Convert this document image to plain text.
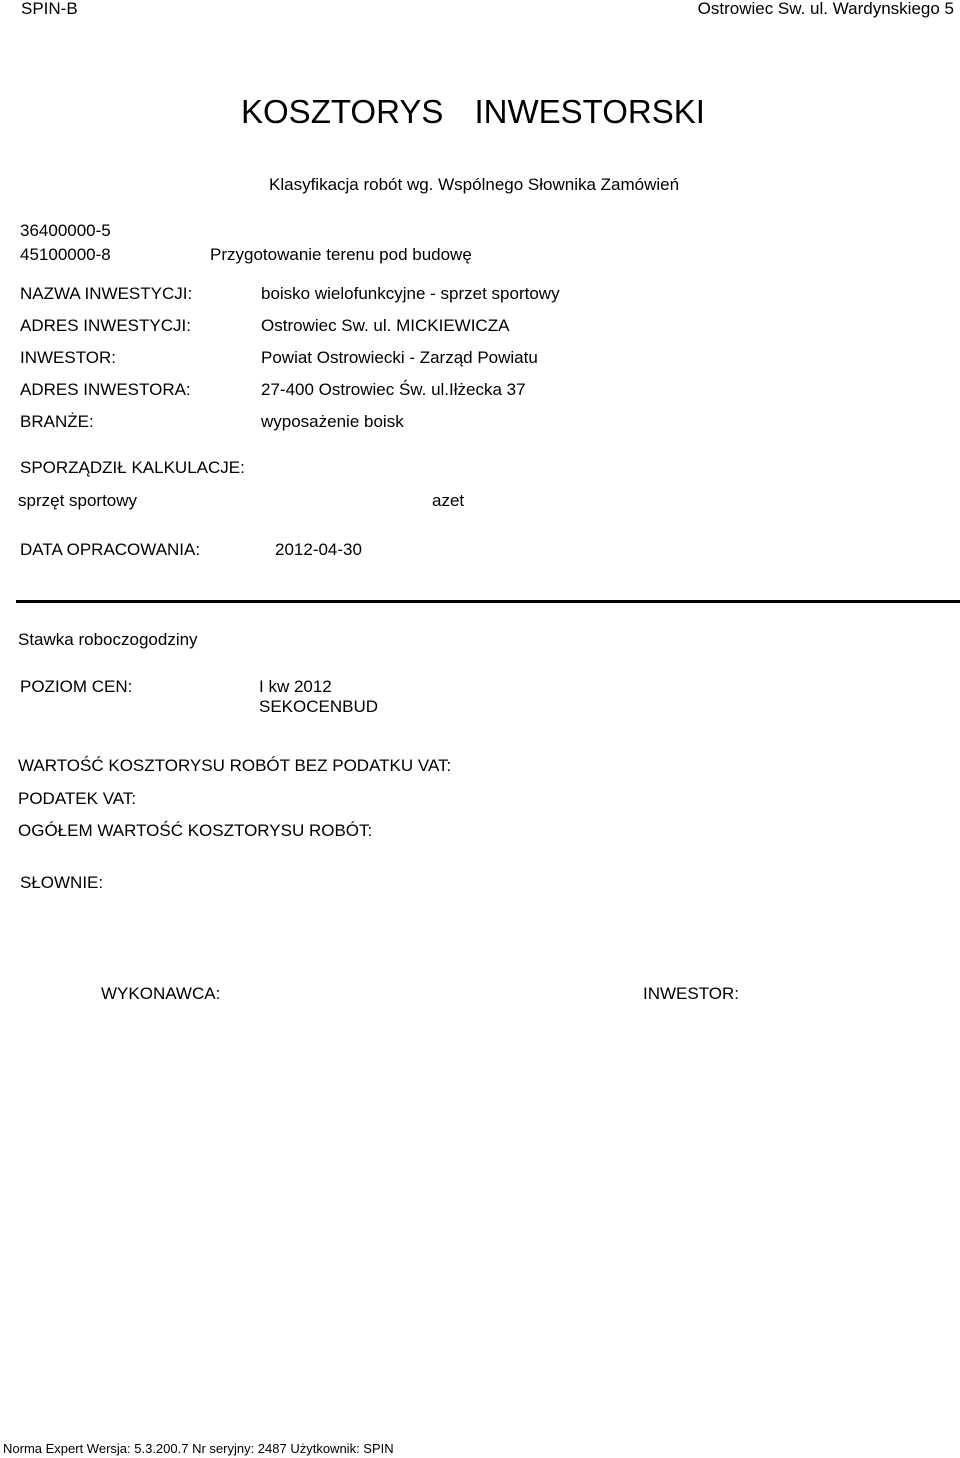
SPIN-B	Ostrowiec Sw. ul. Wardynskiego 5
KOSZTORYS INWESTORSKI
Klasyfikacja robót wg. Wspólnego Słownika Zamówień
36400000-5
45100000-8	Przygotowanie terenu pod budowę
NAZWA INWESTYCJI:	boisko wielofunkcyjne - sprzet sportowy
ADRES INWESTYCJI:	Ostrowiec Sw. ul. MICKIEWICZA
INWESTOR:	Powiat Ostrowiecki - Zarząd Powiatu
ADRES INWESTORA:	27-400 Ostrowiec Św. ul.Iłżecka 37
BRANŻE:	wyposażenie boisk
SPORZĄDZIŁ KALKULACJE:
sprzęt sportowy	azet
DATA OPRACOWANIA:	2012-04-30
Stawka roboczogodziny
POZIOM CEN:	I kw 2012
SEKOCENBUD
WARTOŚĆ KOSZTORYSU ROBÓT BEZ PODATKU VAT:
PODATEK VAT:
OGÓŁEM WARTOŚĆ KOSZTORYSU ROBÓT:
SŁOWNIE:
WYKONAWCA:	INWESTOR:
Norma Expert Wersja: 5.3.200.7 Nr seryjny: 2487 Użytkownik: SPIN
